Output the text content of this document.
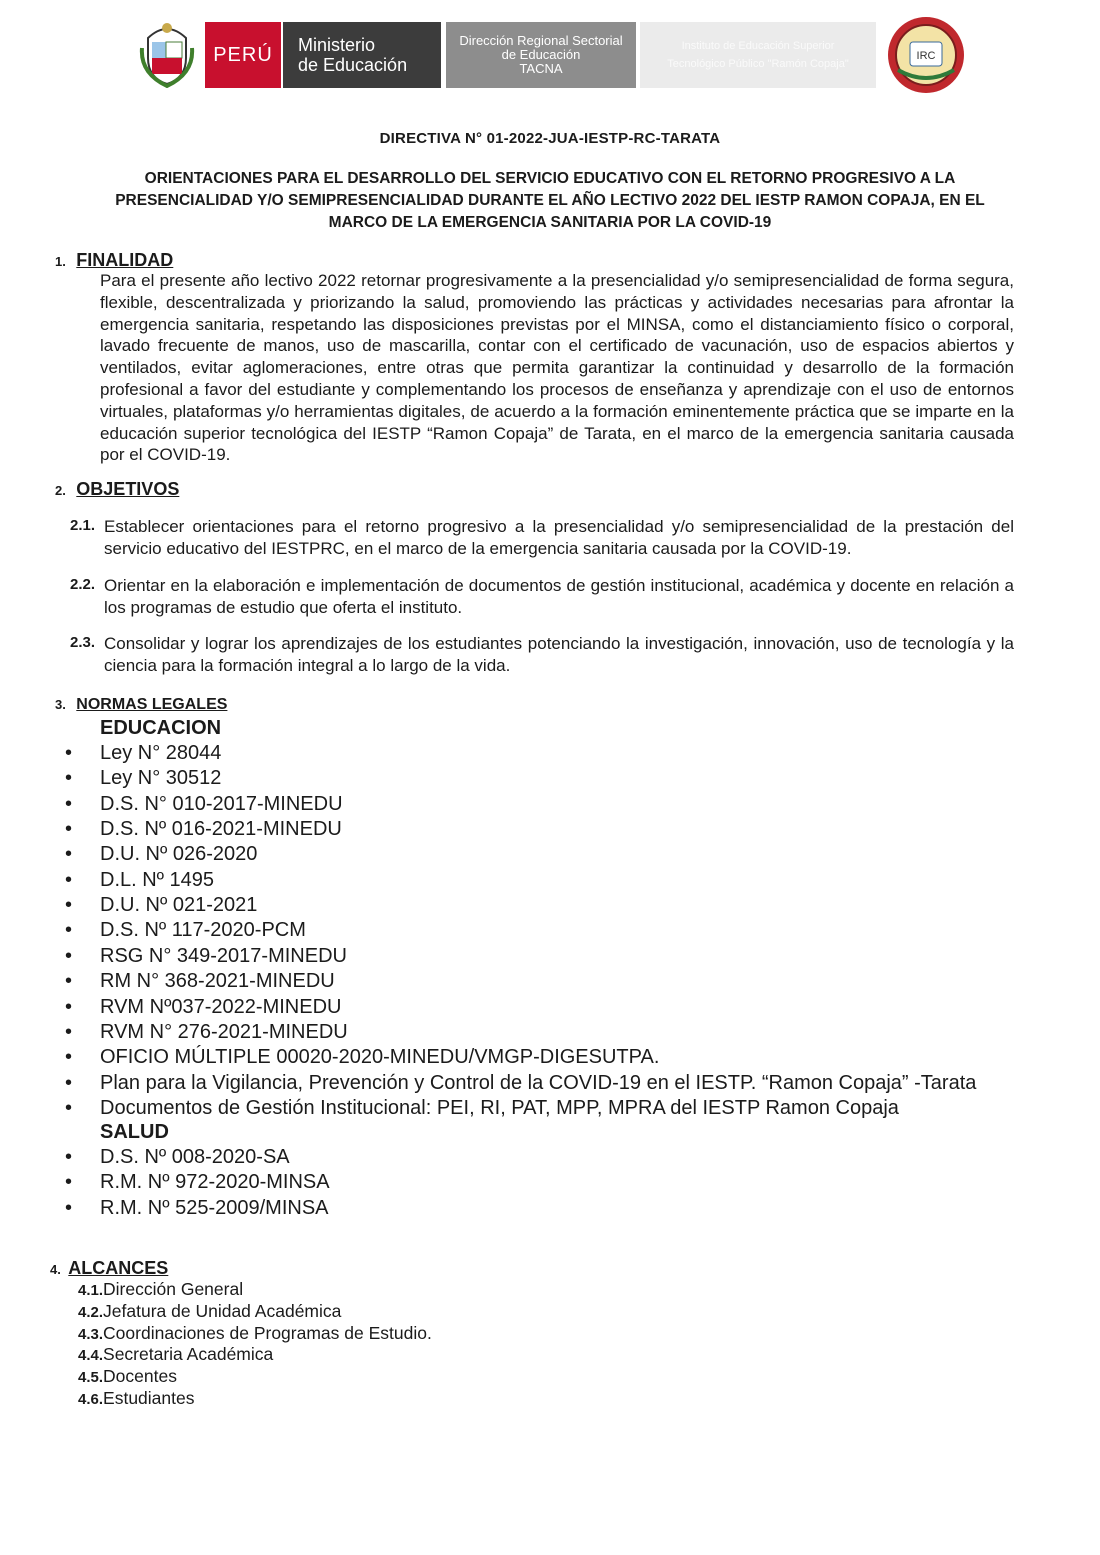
PERÚ Ministerio
de Educación
Dirección Regional Sectorial
de Educación
TACNA
Instituto de Educación Superior
Tecnológico Público "Ramón Copaja"
IRC
DIRECTIVA N° 01-2022-JUA-IESTP-RC-TARATA
ORIENTACIONES PARA EL DESARROLLO DEL SERVICIO EDUCATIVO CON EL RETORNO PROGRESIVO A LA PRESENCIALIDAD Y/O SEMIPRESENCIALIDAD DURANTE EL AÑO LECTIVO 2022 DEL IESTP RAMON COPAJA, EN EL MARCO DE LA EMERGENCIA SANITARIA POR LA COVID-19
1. FINALIDAD
Para el presente año lectivo 2022 retornar progresivamente a la presencialidad y/o semipresencialidad de forma segura, flexible, descentralizada y priorizando la salud, promoviendo las prácticas y actividades necesarias para afrontar la emergencia sanitaria, respetando las disposiciones previstas por el MINSA, como el distanciamiento físico o corporal, lavado frecuente de manos, uso de mascarilla, contar con el certificado de vacunación, uso de espacios abiertos y ventilados, evitar aglomeraciones, entre otras que permita garantizar la continuidad y desarrollo de la formación profesional a favor del estudiante y complementando los procesos de enseñanza y aprendizaje con el uso de entornos virtuales, plataformas y/o herramientas digitales, de acuerdo a la formación eminentemente práctica que se imparte en la educación superior tecnológica del IESTP “Ramon Copaja” de Tarata, en el marco de la emergencia sanitaria causada por el COVID-19.
2. OBJETIVOS
2.1. Establecer orientaciones para el retorno progresivo a la presencialidad y/o semipresencialidad de la prestación del servicio educativo del IESTPRC, en el marco de la emergencia sanitaria causada por la COVID-19.
2.2. Orientar en la elaboración e implementación de documentos de gestión institucional, académica y docente en relación a los programas de estudio que oferta el instituto.
2.3. Consolidar y lograr los aprendizajes de los estudiantes potenciando la investigación, innovación, uso de tecnología y la ciencia para la formación integral a lo largo de la vida.
3. NORMAS LEGALES
EDUCACION
• Ley N° 28044
• Ley N° 30512
• D.S. N° 010-2017-MINEDU
• D.S. Nº 016-2021-MINEDU
• D.U. Nº 026-2020
• D.L. Nº 1495
• D.U. Nº 021-2021
• D.S. Nº 117-2020-PCM
• RSG N° 349-2017-MINEDU
• RM N° 368-2021-MINEDU
• RVM Nº037-2022-MINEDU
• RVM N° 276-2021-MINEDU
• OFICIO MÚLTIPLE 00020-2020-MINEDU/VMGP-DIGESUTPA.
• Plan para la Vigilancia, Prevención y Control de la COVID-19 en el IESTP. “Ramon Copaja” -Tarata
• Documentos de Gestión Institucional: PEI, RI, PAT, MPP, MPRA del IESTP Ramon Copaja
SALUD
• D.S. Nº 008-2020-SA
• R.M. Nº 972-2020-MINSA
• R.M. Nº 525-2009/MINSA
4. ALCANCES
4.1.Dirección General
4.2.Jefatura de Unidad Académica
4.3.Coordinaciones de Programas de Estudio.
4.4.Secretaria Académica
4.5.Docentes
4.6.Estudiantes
